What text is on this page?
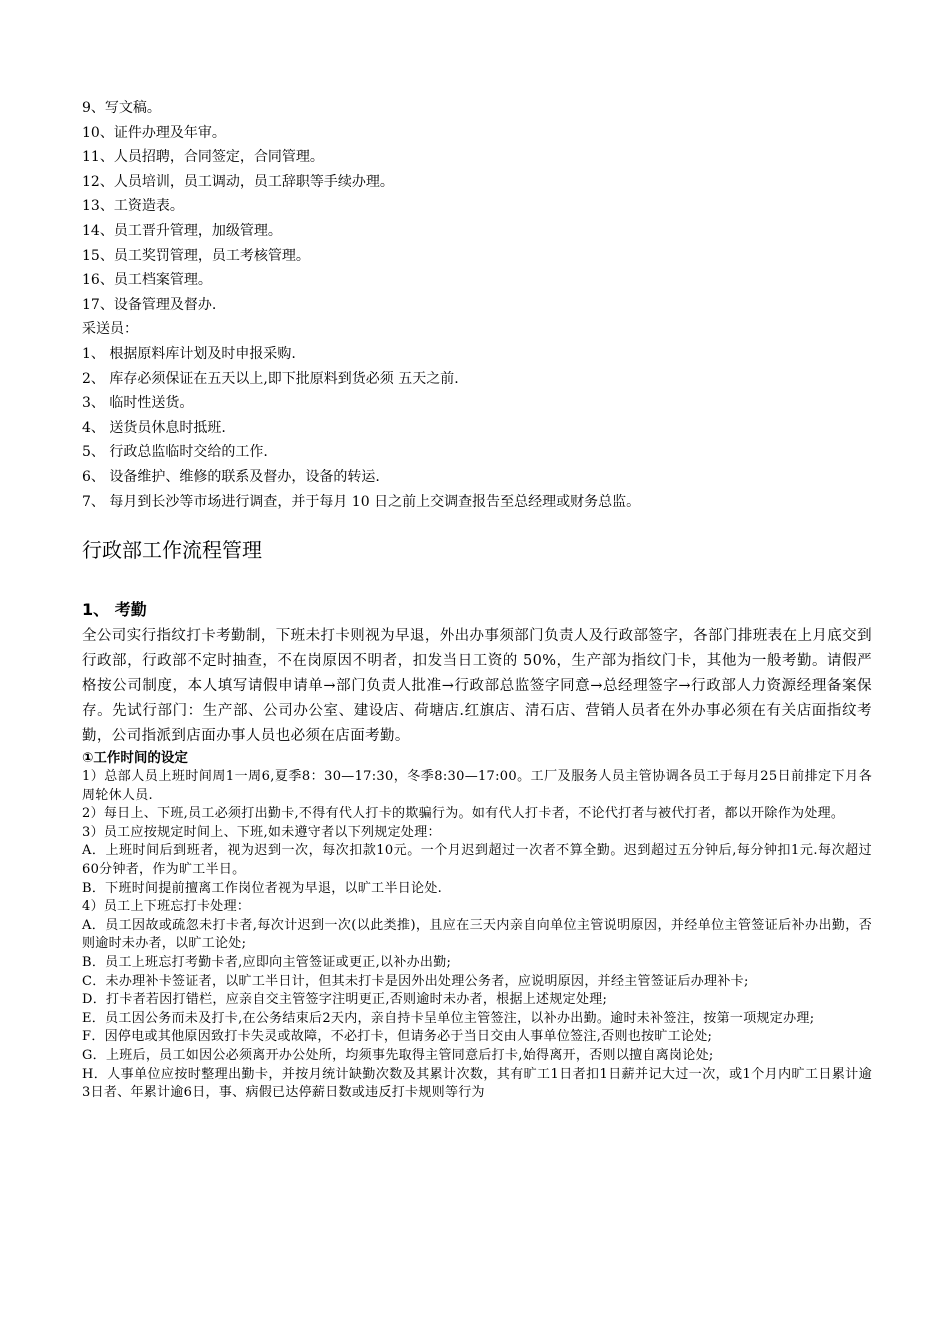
9、写文稿。
10、证件办理及年审。
11、人员招聘，合同签定，合同管理。
12、人员培训，员工调动，员工辞职等手续办理。
13、工资造表。
14、员工晋升管理，加级管理。
15、员工奖罚管理，员工考核管理。
16、员工档案管理。
17、设备管理及督办.
采送员：
1、 根据原料库计划及时申报采购.
2、 库存必须保证在五天以上,即下批原料到货必须 五天之前.
3、 临时性送货。
4、 送货员休息时抵班.
5、 行政总监临时交给的工作.
6、 设备维护、维修的联系及督办，设备的转运.
7、 每月到长沙等市场进行调查，并于每月 10 日之前上交调查报告至总经理或财务总监。
行政部工作流程管理
1、 考勤

全公司实行指纹打卡考勤制，下班未打卡则视为早退，外出办事须部门负责人及行政部签字，各部门排班表在上月底交到行政部，行政部不定时抽查，不在岗原因不明者，扣发当日工资的 50%，生产部为指纹门卡，其他为一般考勤。请假严格按公司制度，本人填写请假申请单→部门负责人批准→行政部总监签字同意→总经理签字→行政部人力资源经理备案保存。先试行部门：生产部、公司办公室、建设店、荷塘店.红旗店、清石店、营销人员者在外办事必须在有关店面指纹考勤，公司指派到店面办事人员也必须在店面考勤。

①工作时间的设定
1）总部人员上班时间周1一周6,夏季8：30—17:30，冬季8:30—17:00。工厂及服务人员主管协调各员工于每月25日前排定下月各周轮休人员.
2）每日上、下班,员工必须打出勤卡,不得有代人打卡的欺骗行为。如有代人打卡者，不论代打者与被代打者，都以开除作为处理。
3）员工应按规定时间上、下班,如未遵守者以下列规定处理：
A．上班时间后到班者，视为迟到一次，每次扣款10元。一个月迟到超过一次者不算全勤。迟到超过五分钟后,每分钟扣1元.每次超过60分钟者，作为旷工半日。
B．下班时间提前擅离工作岗位者视为早退，以旷工半日论处.
4）员工上下班忘打卡处理：
A．员工因故或疏忽未打卡者,每次计迟到一次(以此类推)，且应在三天内亲自向单位主管说明原因，并经单位主管签证后补办出勤，否则逾时未办者，以旷工论处;
B．员工上班忘打考勤卡者,应即向主管签证或更正,以补办出勤;
C．未办理补卡签证者，以旷工半日计，但其未打卡是因外出处理公务者，应说明原因，并经主管签证后办理补卡;
D．打卡者若因打错栏，应亲自交主管签字注明更正,否则逾时未办者，根据上述规定处理;
E．员工因公务而未及打卡,在公务结束后2天内，亲自持卡呈单位主管签注，以补办出勤。逾时未补签注，按第一项规定办理;
F．因停电或其他原因致打卡失灵或故障，不必打卡，但请务必于当日交由人事单位签注,否则也按旷工论处;
G．上班后，员工如因公必须离开办公处所，均须事先取得主管同意后打卡,始得离开，否则以擅自离岗论处;
H．人事单位应按时整理出勤卡，并按月统计缺勤次数及其累计次数，其有旷工1日者扣1日薪并记大过一次，或1个月内旷工日累计逾3日者、年累计逾6日，事、病假已达停薪日数或违反打卡规则等行为
